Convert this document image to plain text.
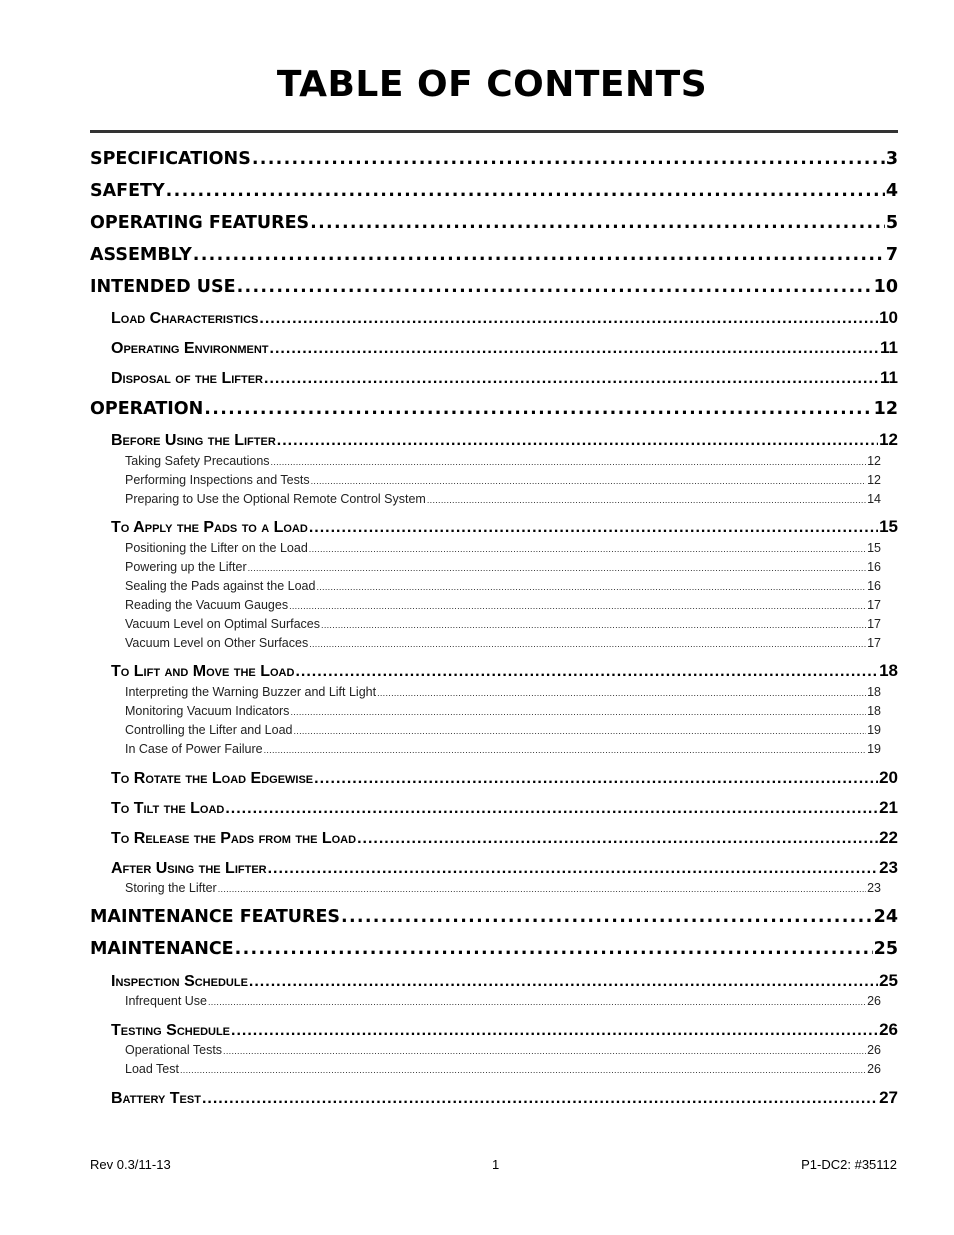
TABLE OF CONTENTS
SPECIFICATIONS .....	3
SAFETY .....	4
OPERATING FEATURES .....	5
ASSEMBLY .....	7
INTENDED USE .....	10
Load Characteristics .....	10
Operating Environment .....	11
Disposal of the Lifter .....	11
OPERATION .....	12
Before Using the Lifter .....	12
Taking Safety Precautions .....	12
Performing Inspections and Tests .....	12
Preparing to Use the Optional Remote Control System .....	14
To Apply the Pads to a Load .....	15
Positioning the Lifter on the Load .....	15
Powering up the Lifter .....	16
Sealing the Pads against the Load .....	16
Reading the Vacuum Gauges .....	17
Vacuum Level on Optimal Surfaces .....	17
Vacuum Level on Other Surfaces .....	17
To Lift and Move the Load .....	18
Interpreting the Warning Buzzer and Lift Light .....	18
Monitoring Vacuum Indicators .....	18
Controlling the Lifter and Load .....	19
In Case of Power Failure .....	19
To Rotate the Load Edgewise .....	20
To Tilt the Load .....	21
To Release the Pads from the Load .....	22
After Using the Lifter .....	23
Storing the Lifter .....	23
MAINTENANCE FEATURES .....	24
MAINTENANCE .....	25
Inspection Schedule .....	25
Infrequent Use .....	26
Testing Schedule .....	26
Operational Tests .....	26
Load Test .....	26
Battery Test .....	27
Rev 0.3/11-13	1	P1-DC2: #35112
